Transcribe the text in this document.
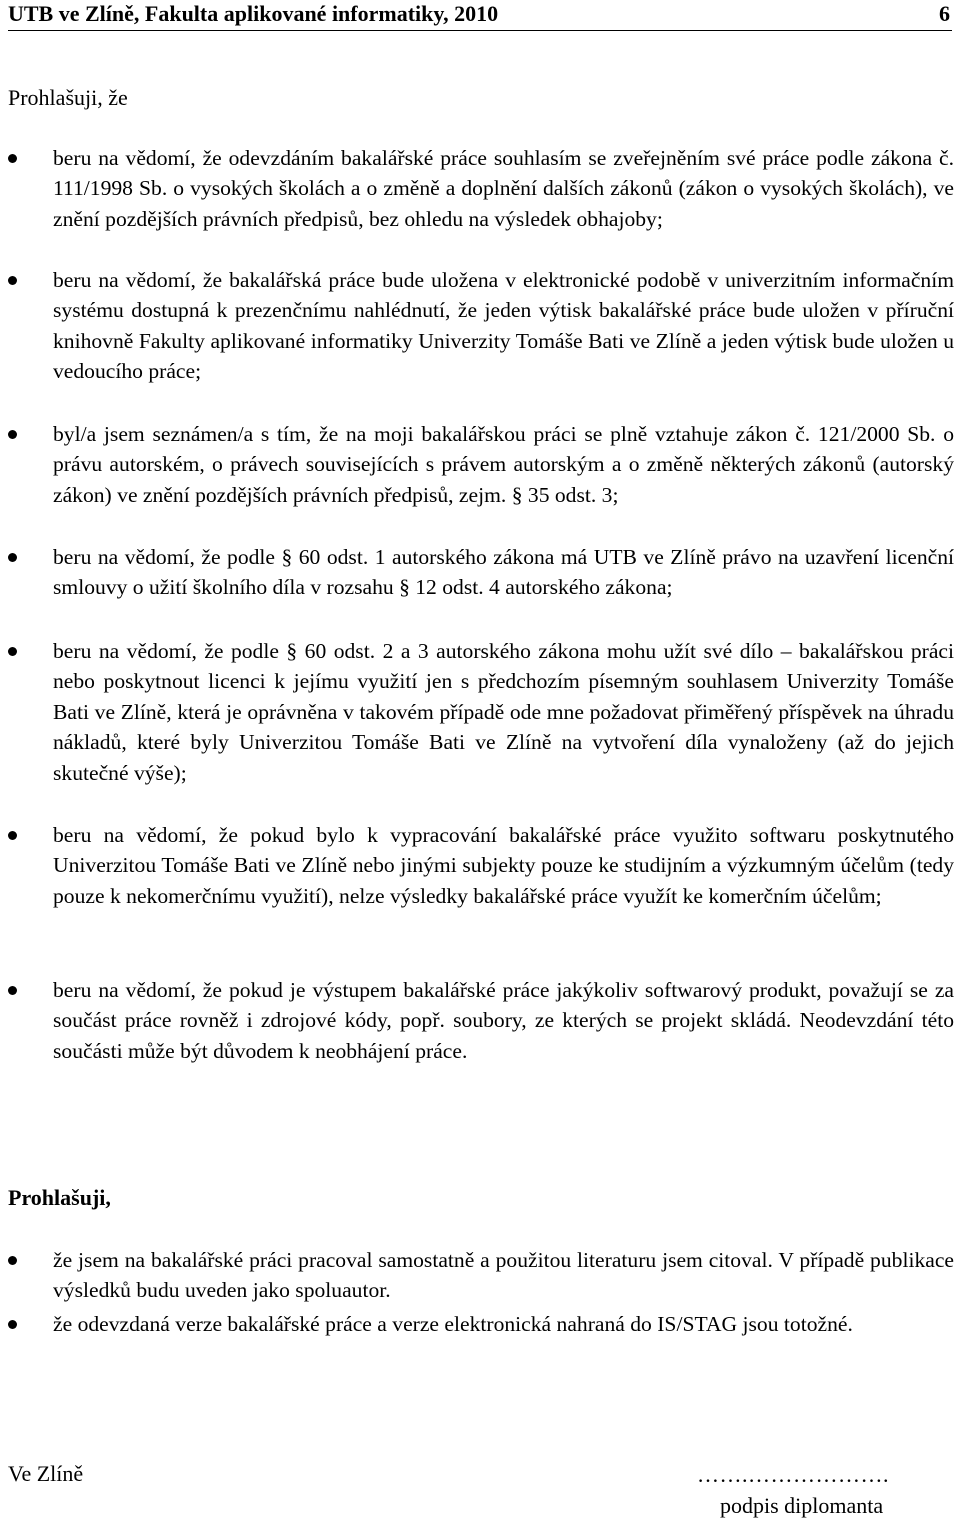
UTB ve Zlíně, Fakulta aplikované informatiky, 2010	6
Prohlašuji, že

beru na vědomí, že odevzdáním bakalářské práce souhlasím se zveřejněním své práce podle zákona č. 111/1998 Sb. o vysokých školách a o změně a doplnění dalších zákonů (zákon o vysokých školách), ve znění pozdějších právních předpisů, bez ohledu na výsledek obhajoby;

beru na vědomí, že bakalářská práce bude uložena v elektronické podobě v univerzitním informačním systému dostupná k prezenčnímu nahlédnutí, že jeden výtisk bakalářské práce bude uložen v příruční knihovně Fakulty aplikované informatiky Univerzity Tomáše Bati ve Zlíně a jeden výtisk bude uložen u vedoucího práce;

byl/a jsem seznámen/a s tím, že na moji bakalářskou práci se plně vztahuje zákon č. 121/2000 Sb. o právu autorském, o právech souvisejících s právem autorským a o změně některých zákonů (autorský zákon) ve znění pozdějších právních předpisů, zejm. § 35 odst. 3;

beru na vědomí, že podle § 60 odst. 1 autorského zákona má UTB ve Zlíně právo na uzavření licenční smlouvy o užití školního díla v rozsahu § 12 odst. 4 autorského zákona;

beru na vědomí, že podle § 60 odst. 2 a 3 autorského zákona mohu užít své dílo – bakalářskou práci nebo poskytnout licenci k jejímu využití jen s předchozím písemným souhlasem Univerzity Tomáše Bati ve Zlíně, která je oprávněna v takovém případě ode mne požadovat přiměřený příspěvek na úhradu nákladů, které byly Univerzitou Tomáše Bati ve Zlíně na vytvoření díla vynaloženy (až do jejich skutečné výše);

beru na vědomí, že pokud bylo k vypracování bakalářské práce využito softwaru poskytnutého Univerzitou Tomáše Bati ve Zlíně nebo jinými subjekty pouze ke studijním a výzkumným účelům (tedy pouze k nekomerčnímu využití), nelze výsledky bakalářské práce využít ke komerčním účelům;

beru na vědomí, že pokud je výstupem bakalářské práce jakýkoliv softwarový produkt, považují se za součást práce rovněž i zdrojové kódy, popř. soubory, ze kterých se projekt skládá. Neodevzdání této součásti může být důvodem k neobhájení práce.

Prohlašuji,

že jsem na bakalářské práci pracoval samostatně a použitou literaturu jsem citoval. V případě publikace výsledků budu uveden jako spoluautor.

že odevzdaná verze bakalářské práce a verze elektronická nahraná do IS/STAG jsou totožné.

Ve Zlíně	…….……………….
podpis diplomanta
